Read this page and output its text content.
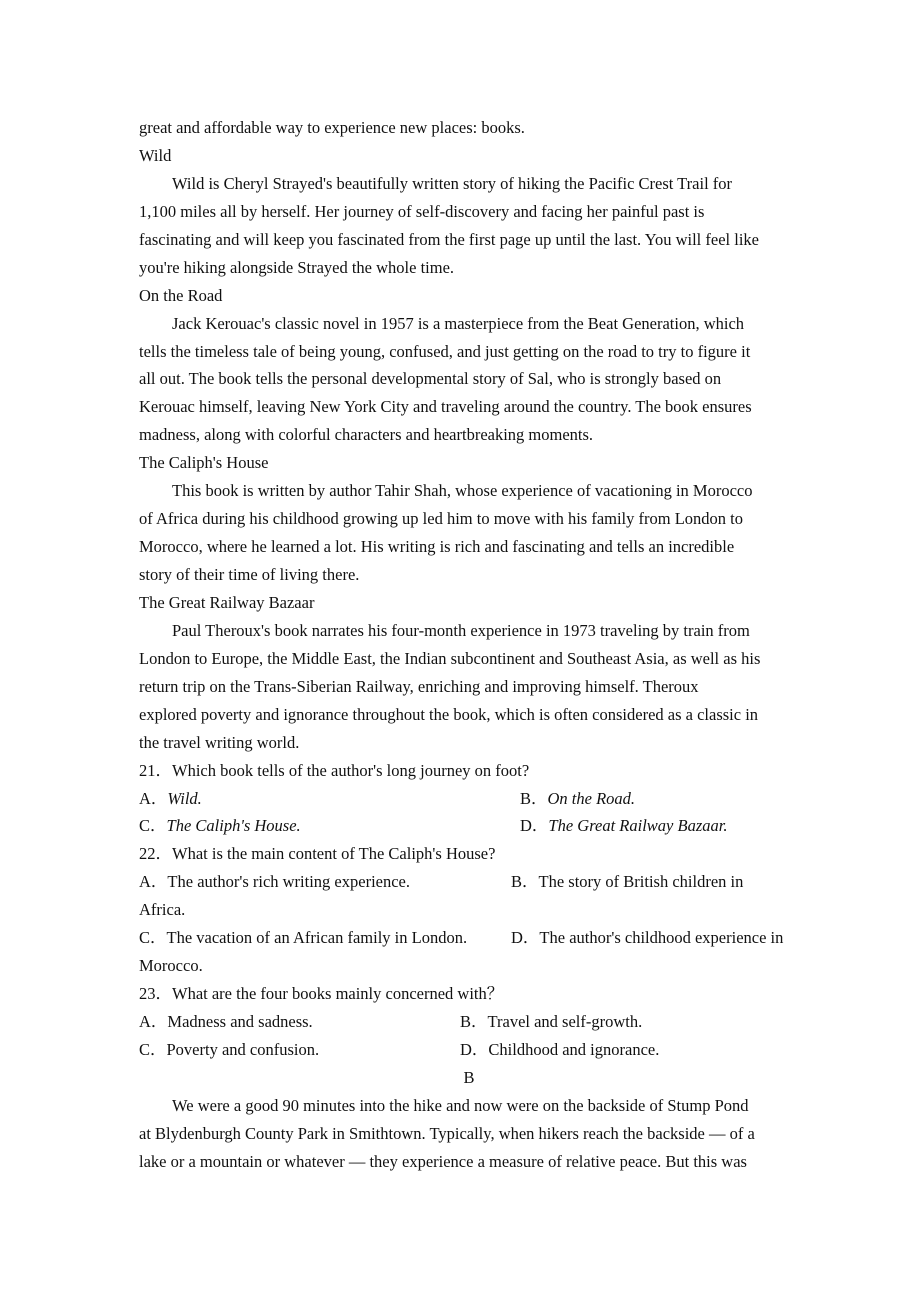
great and affordable way to experience new places: books.
Wild
Wild is Cheryl Strayed's beautifully written story of hiking the Pacific Crest Trail for
1,100 miles all by herself. Her journey of self-discovery and facing her painful past is
fascinating and will keep you fascinated from the first page up until the last. You will feel like
you're hiking alongside Strayed the whole time.
On the Road
Jack Kerouac's classic novel in 1957 is a masterpiece from the Beat Generation, which
tells the timeless tale of being young, confused, and just getting on the road to try to figure it
all out. The book tells the personal developmental story of Sal, who is strongly based on
Kerouac himself, leaving New York City and traveling around the country. The book ensures
madness, along with colorful characters and heartbreaking moments.
The Caliph's House
This book is written by author Tahir Shah, whose experience of vacationing in Morocco
of Africa during his childhood growing up led him to move with his family from London to
Morocco, where he learned a lot. His writing is rich and fascinating and tells an incredible
story of their time of living there.
The Great Railway Bazaar
Paul Theroux's book narrates his four-month experience in 1973 traveling by train from
London to Europe, the Middle East, the Indian subcontinent and Southeast Asia, as well as his
return trip on the Trans-Siberian Railway, enriching and improving himself. Theroux
explored poverty and ignorance throughout the book, which is often considered as a classic in
the travel writing world.
21．Which book tells of the author's long journey on foot?
A．Wild.	B．On the Road.
C．The Caliph's House.	D．The Great Railway Bazaar.
22．What is the main content of The Caliph's House?
A．The author's rich writing experience.	B．The story of British children in
Africa.
C．The vacation of an African family in London.	D．The author's childhood experience in
Morocco.
23．What are the four books mainly concerned with？
A．Madness and sadness.	B．Travel and self-growth.
C．Poverty and confusion.	D．Childhood and ignorance.
B
We were a good 90 minutes into the hike and now were on the backside of Stump Pond
at Blydenburgh County Park in Smithtown. Typically, when hikers reach the backside — of a
lake or a mountain or whatever — they experience a measure of relative peace. But this was
